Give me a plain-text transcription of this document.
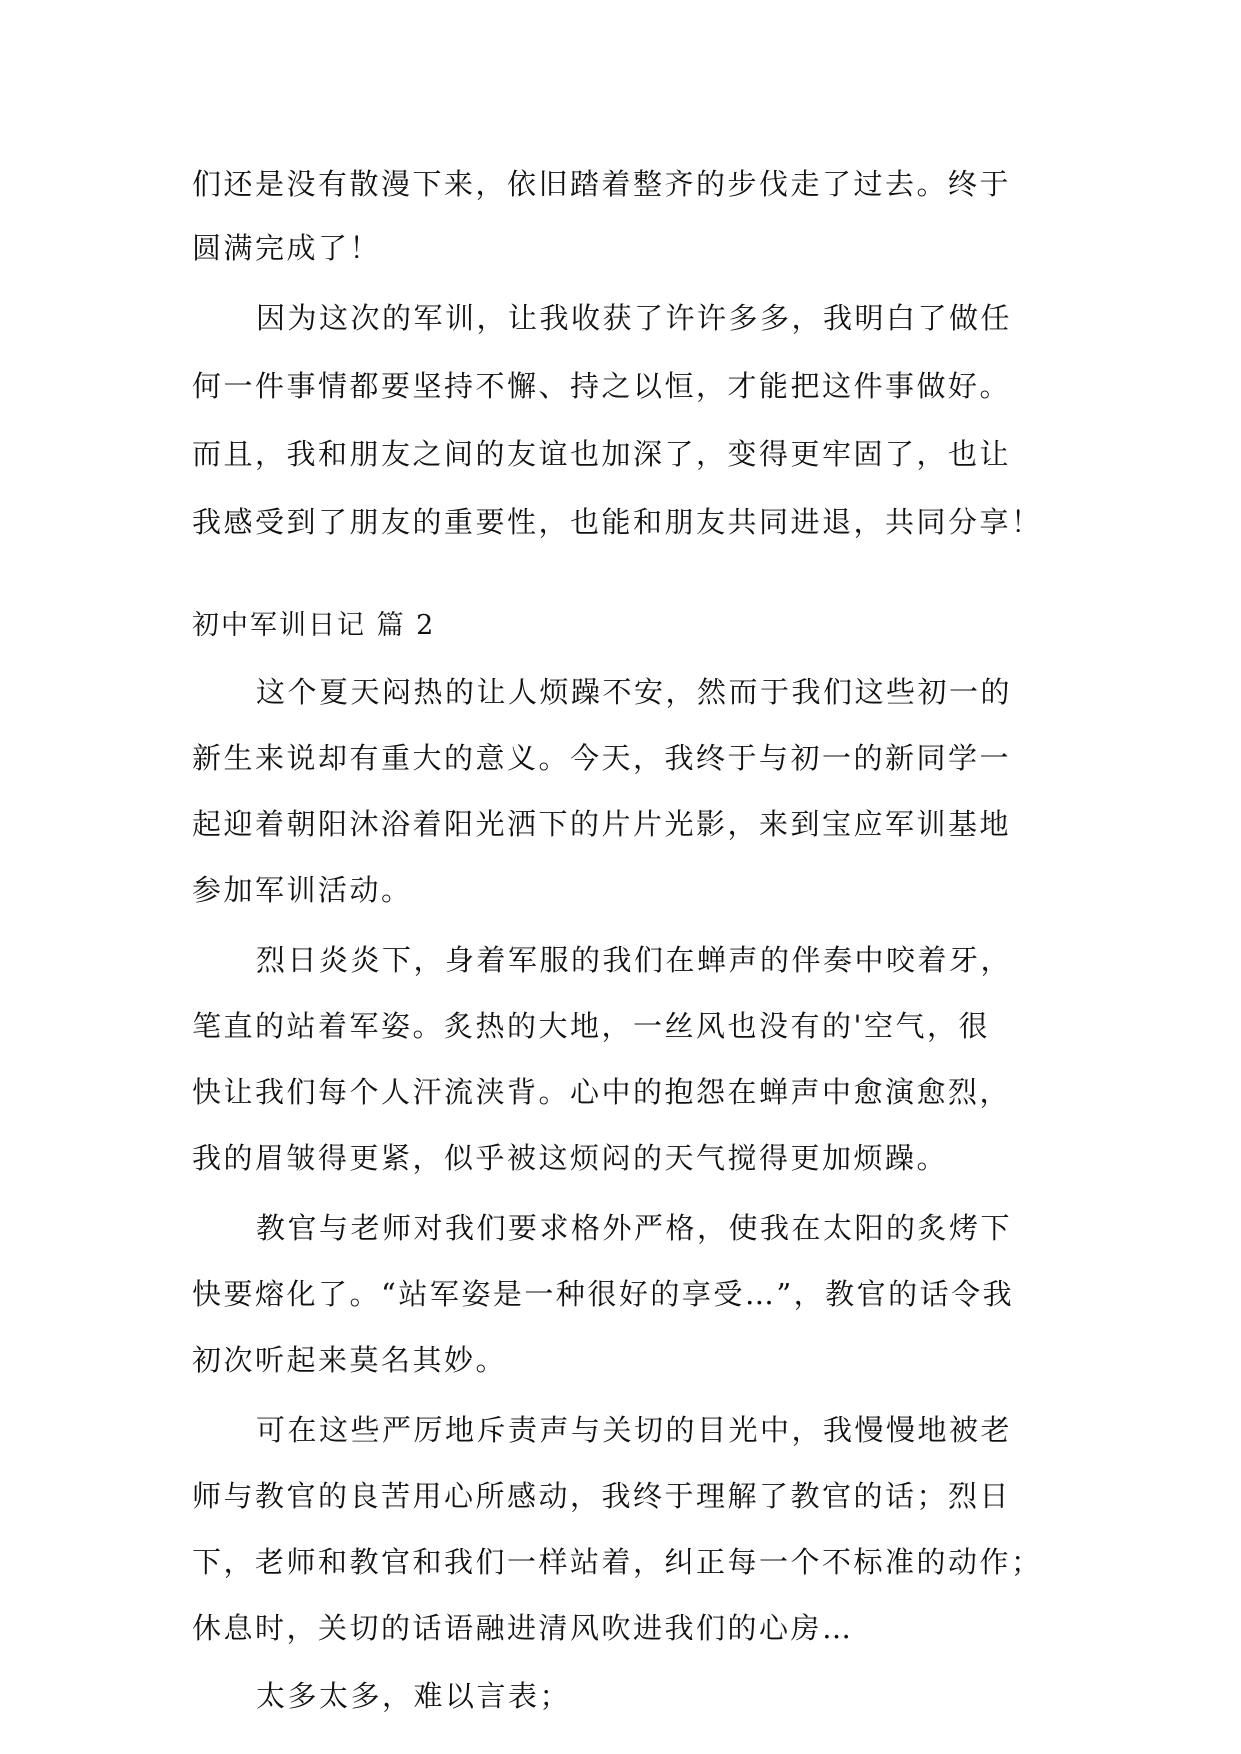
们还是没有散漫下来，依旧踏着整齐的步伐走了过去。终于
圆满完成了！
因为这次的军训，让我收获了许许多多，我明白了做任
何一件事情都要坚持不懈、持之以恒，才能把这件事做好。
而且，我和朋友之间的友谊也加深了，变得更牢固了，也让
我感受到了朋友的重要性，也能和朋友共同进退，共同分享！
初中军训日记 篇 2
这个夏天闷热的让人烦躁不安，然而于我们这些初一的
新生来说却有重大的意义。今天，我终于与初一的新同学一
起迎着朝阳沐浴着阳光洒下的片片光影，来到宝应军训基地
参加军训活动。
烈日炎炎下，身着军服的我们在蝉声的伴奏中咬着牙，
笔直的站着军姿。炙热的大地，一丝风也没有的'空气，很
快让我们每个人汗流浃背。心中的抱怨在蝉声中愈演愈烈，
我的眉皱得更紧，似乎被这烦闷的天气搅得更加烦躁。
教官与老师对我们要求格外严格，使我在太阳的炙烤下
快要熔化了。“站军姿是一种很好的享受…”，教官的话令我
初次听起来莫名其妙。
可在这些严厉地斥责声与关切的目光中，我慢慢地被老
师与教官的良苦用心所感动，我终于理解了教官的话；烈日
下，老师和教官和我们一样站着，纠正每一个不标准的动作；
休息时，关切的话语融进清风吹进我们的心房…
太多太多，难以言表；
